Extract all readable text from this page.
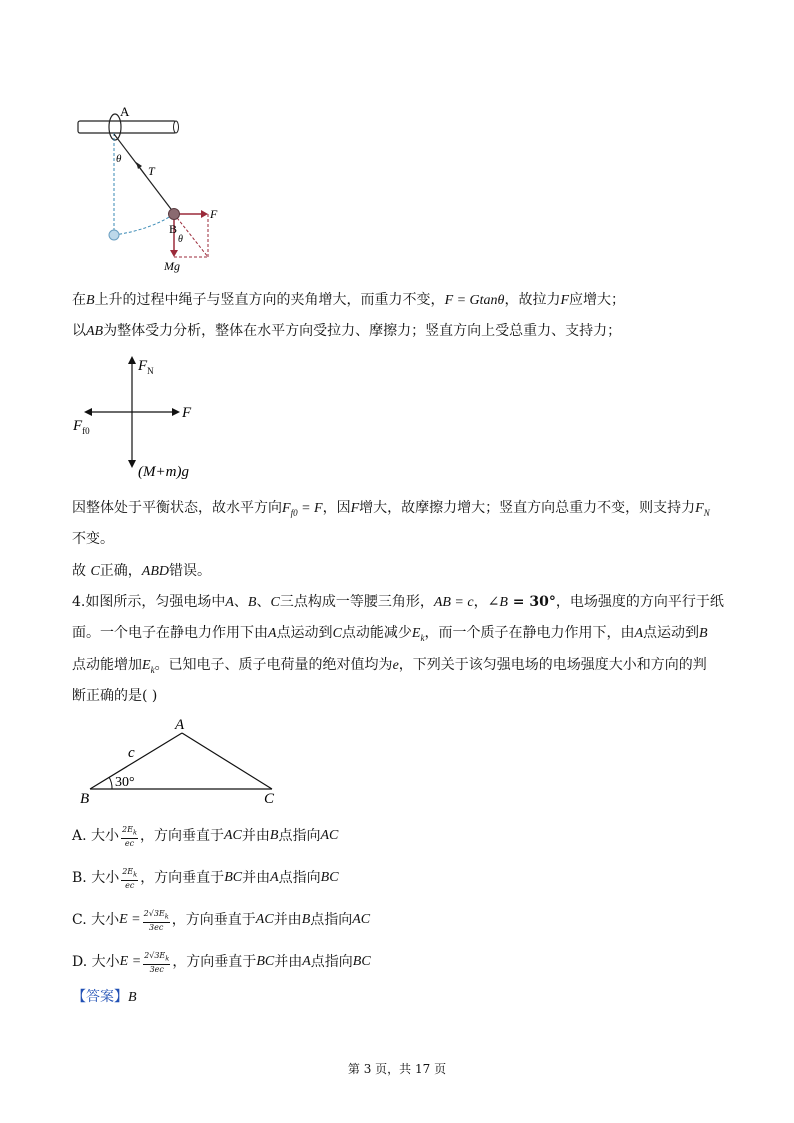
A
θ
T
F
B
θ
Mg
在B上升的过程中绳子与竖直方向的夹角增大，而重力不变，F = Gtanθ，故拉力F应增大；
以AB为整体受力分析，整体在水平方向受拉力、摩擦力；竖直方向上受总重力、支持力；
$F_N$
F
$F_{f0}$
(M+m)g
因整体处于平衡状态，故水平方向$F_{f0} = F$，因F增大，故摩擦力增大；竖直方向总重力不变，则支持力$F_N$
不变。
故 C正确，ABD错误。
4.如图所示，匀强电场中A、B、C三点构成一等腰三角形，AB = c，∠B = 30°，电场强度的方向平行于纸
面。一个电子在静电力作用下由A点运动到C点动能减少$E_k$，而一个质子在静电力作用下，由A点运动到B
点动能增加$E_k$。已知电子、质子电荷量的绝对值均为e，下列关于该匀强电场的电场强度大小和方向的判
断正确的是( )
A
B	C
c
30°
A. 大小 $\frac{2E_k}{ec}$ ，方向垂直于 AC 并由 B 点指向 AC
B. 大小 $\frac{2E_k}{ec}$ ，方向垂直于 BC 并由 A 点指向 BC
C. 大小 $E = \frac{2√3E_k}{3ec}$ ，方向垂直于 AC 并由 B 点指向 AC
D. 大小 $E = \frac{2√3E_k}{3ec}$ ，方向垂直于 BC 并由 A 点指向 BC
【答案】B
第 3 页，共 17 页
